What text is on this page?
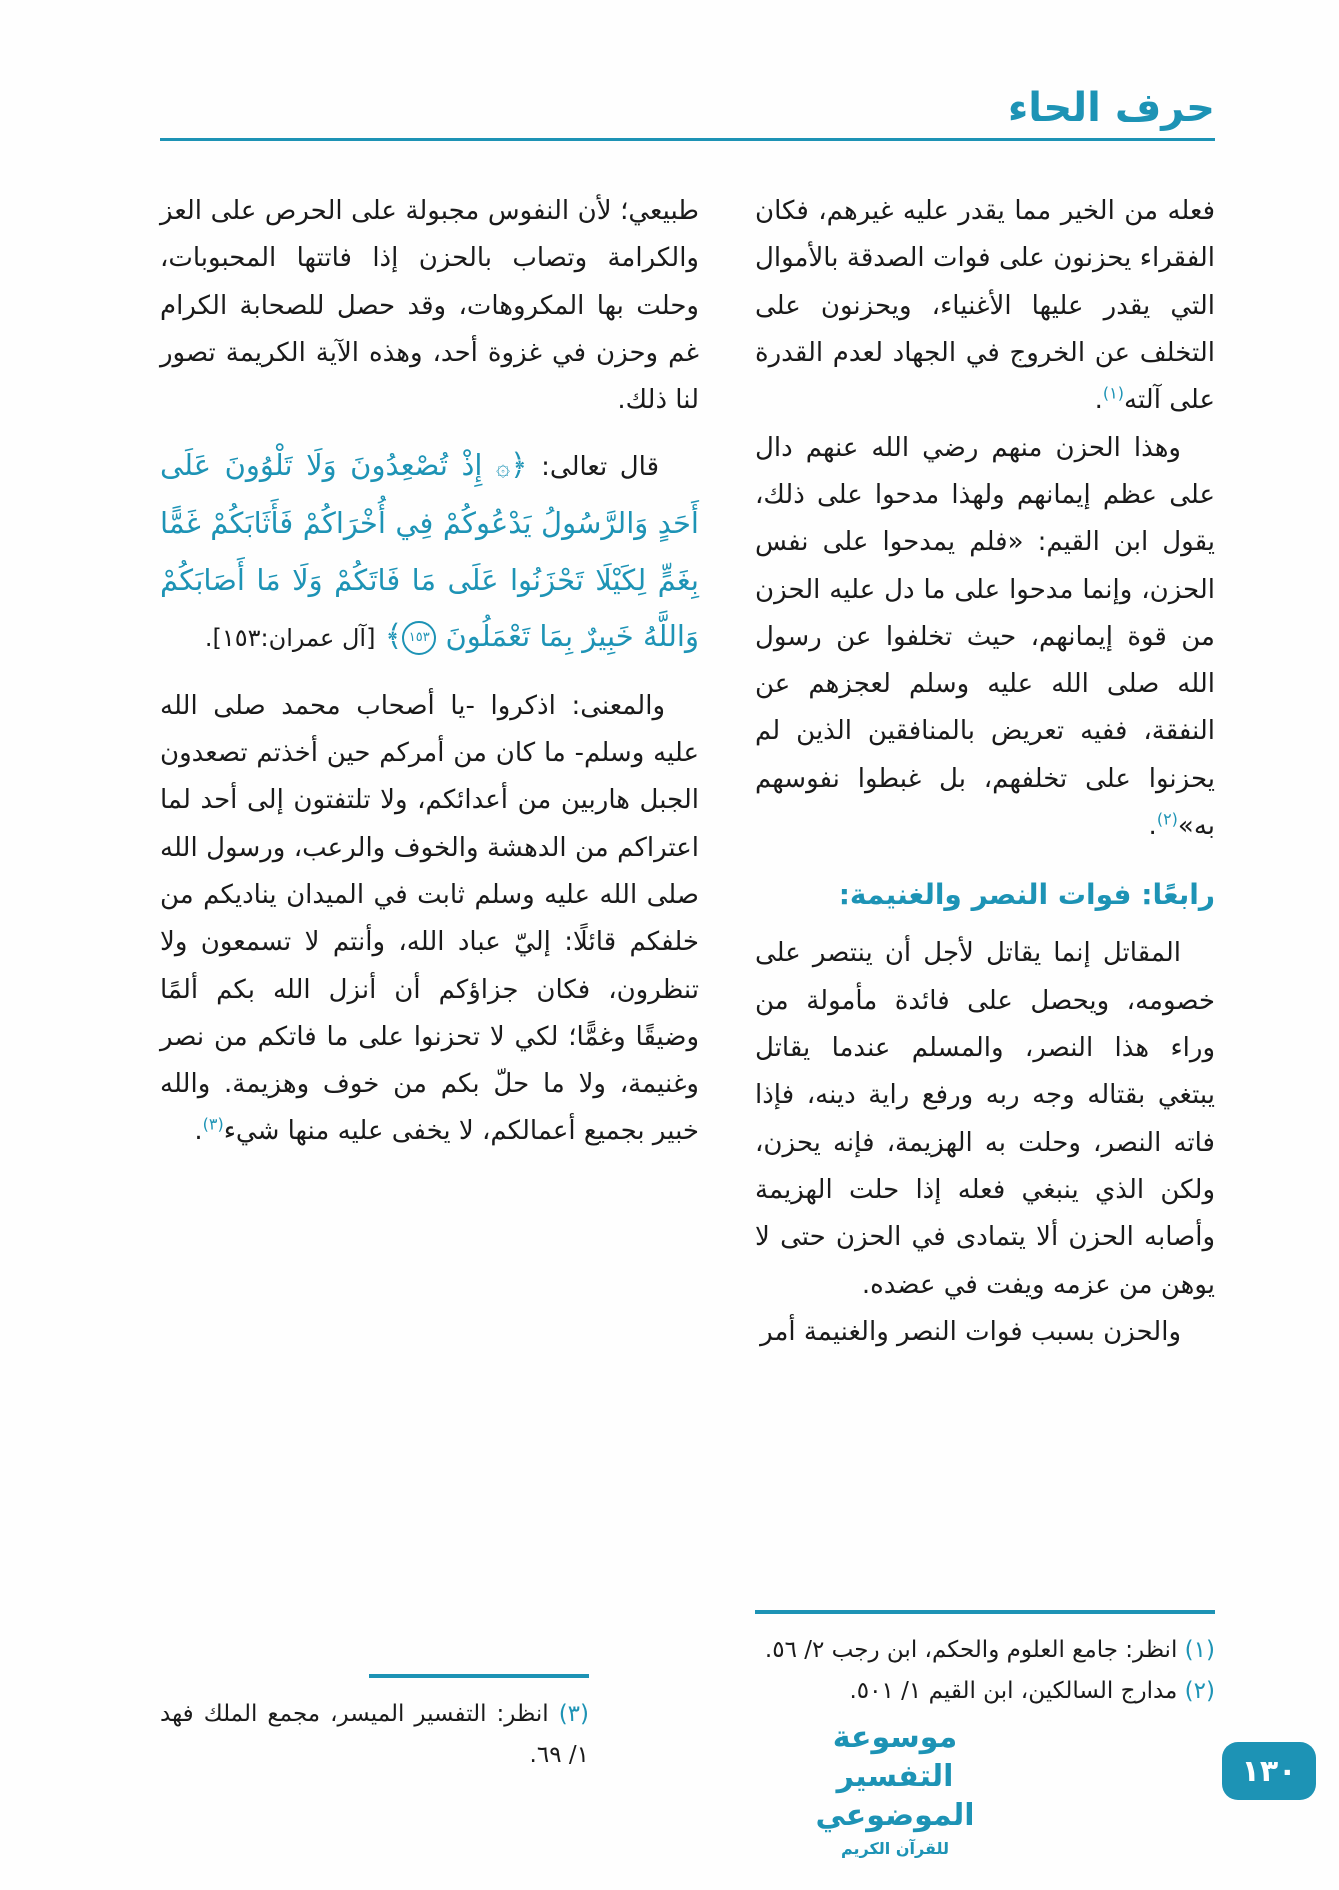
حرف الحاء

فعله من الخير مما يقدر عليه غيرهم، فكان الفقراء يحزنون على فوات الصدقة بالأموال التي يقدر عليها الأغنياء، ويحزنون على التخلف عن الخروج في الجهاد لعدم القدرة على آلته$^{(١)}$.

وهذا الحزن منهم رضي الله عنهم دال على عظم إيمانهم ولهذا مدحوا على ذلك، يقول ابن القيم: «فلم يمدحوا على نفس الحزن، وإنما مدحوا على ما دل عليه الحزن من قوة إيمانهم، حيث تخلفوا عن رسول الله صلى الله عليه وسلم لعجزهم عن النفقة، ففيه تعريض بالمنافقين الذين لم يحزنوا على تخلفهم، بل غبطوا نفوسهم به»$^{(٢)}$.

رابعًا: فوات النصر والغنيمة:

المقاتل إنما يقاتل لأجل أن ينتصر على خصومه، ويحصل على فائدة مأمولة من وراء هذا النصر، والمسلم عندما يقاتل يبتغي بقتاله وجه ربه ورفع راية دينه، فإذا فاته النصر، وحلت به الهزيمة، فإنه يحزن، ولكن الذي ينبغي فعله إذا حلت الهزيمة وأصابه الحزن ألا يتمادى في الحزن حتى لا يوهن من عزمه ويفت في عضده.

والحزن بسبب فوات النصر والغنيمة أمر

(١) انظر: جامع العلوم والحكم، ابن رجب ٢/ ٥٦.
(٢) مدارج السالكين، ابن القيم ١/ ٥٠١.

طبيعي؛ لأن النفوس مجبولة على الحرص على العز والكرامة وتصاب بالحزن إذا فاتتها المحبوبات، وحلت بها المكروهات، وقد حصل للصحابة الكرام غم وحزن في غزوة أحد، وهذه الآية الكريمة تصور لنا ذلك.

قال تعالى: ﴿۞ إِذْ تُصْعِدُونَ وَلَا تَلْوُونَ عَلَى أَحَدٍ وَالرَّسُولُ يَدْعُوكُمْ فِي أُخْرَاكُمْ فَأَثَابَكُمْ غَمًّا بِغَمٍّ لِكَيْلَا تَحْزَنُوا عَلَى مَا فَاتَكُمْ وَلَا مَا أَصَابَكُمْ وَاللَّهُ خَبِيرٌ بِمَا تَعْمَلُونَ ١٥٣﴾ [آل عمران:١٥٣].

والمعنى: اذكروا -يا أصحاب محمد صلى الله عليه وسلم- ما كان من أمركم حين أخذتم تصعدون الجبل هاربين من أعدائكم، ولا تلتفتون إلى أحد لما اعتراكم من الدهشة والخوف والرعب، ورسول الله صلى الله عليه وسلم ثابت في الميدان يناديكم من خلفكم قائلًا: إليّ عباد الله، وأنتم لا تسمعون ولا تنظرون، فكان جزاؤكم أن أنزل الله بكم ألمًا وضيقًا وغمًّا؛ لكي لا تحزنوا على ما فاتكم من نصر وغنيمة، ولا ما حلّ بكم من خوف وهزيمة. والله خبير بجميع أعمالكم، لا يخفى عليه منها شيء$^{(٣)}$.

(٣) انظر: التفسير الميسر، مجمع الملك فهد ١/ ٦٩.
موسوعة التفسير الموضوعي
للقرآن الكريم
١٣٠
